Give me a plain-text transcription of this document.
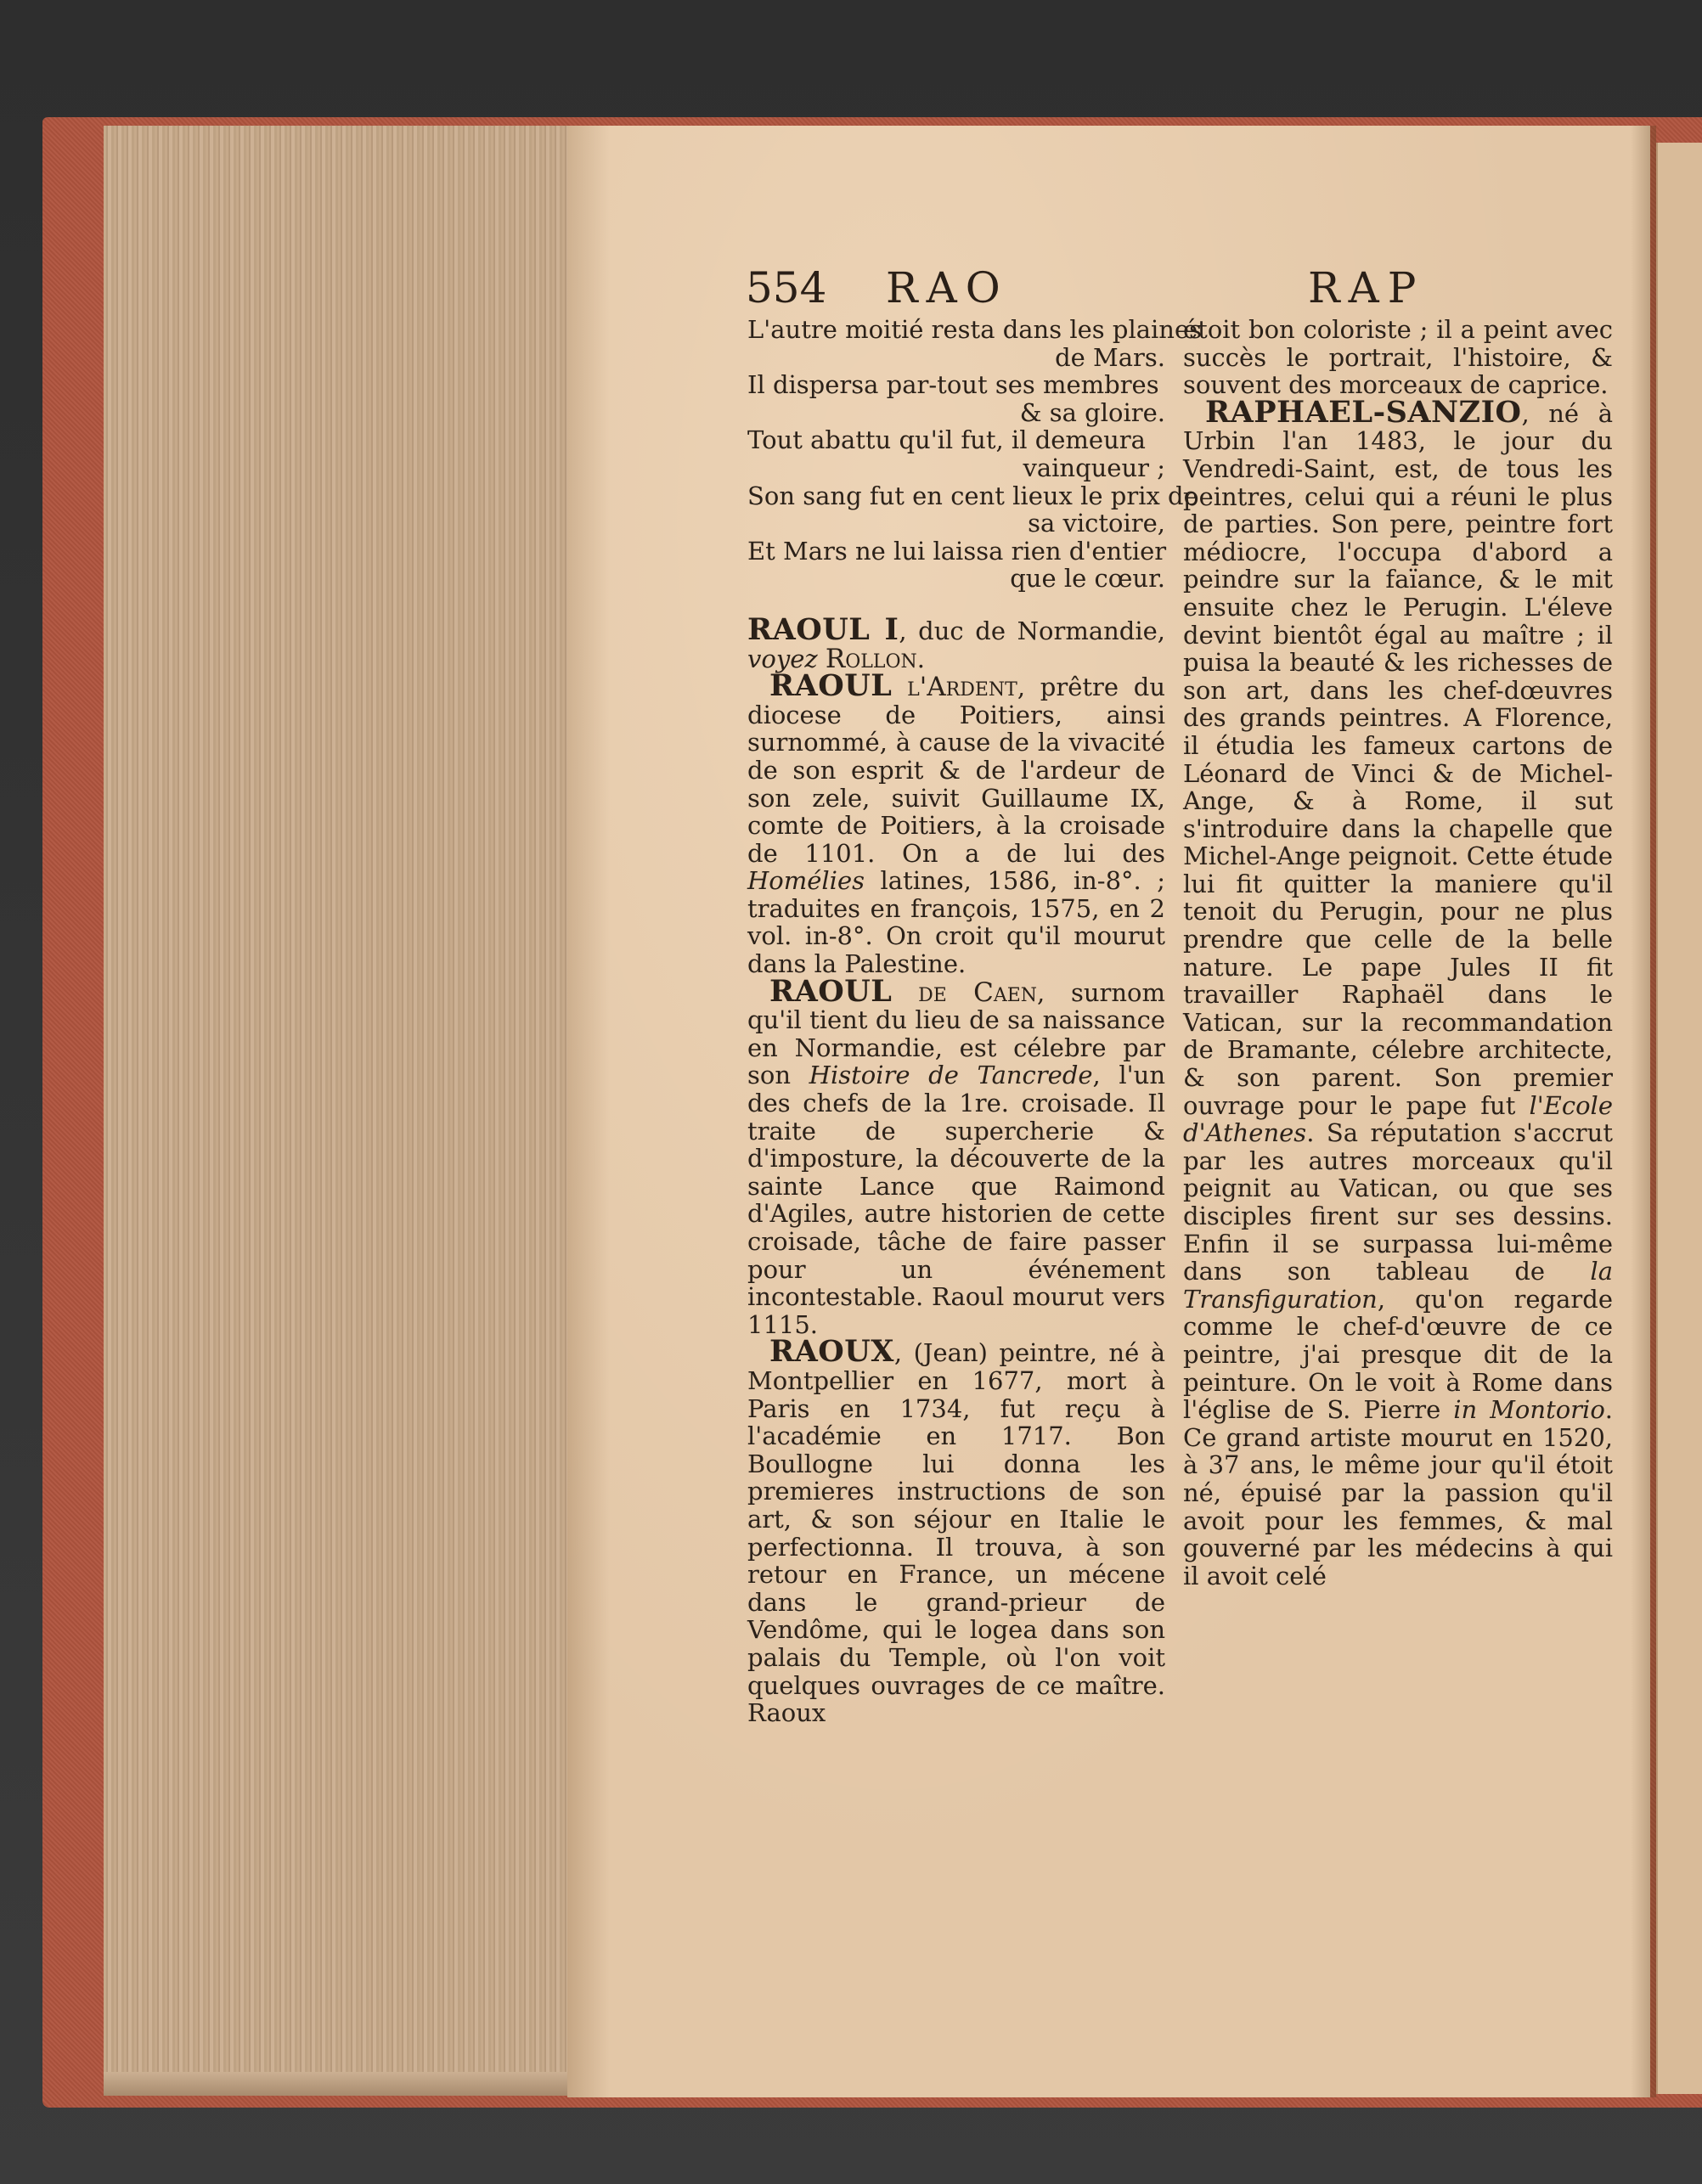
554 RAO	RAP
L'autre moitié resta dans les plaines
de Mars.
Il dispersa par-tout ses membres
& sa gloire.
Tout abattu qu'il fut, il demeura
vainqueur ;
Son sang fut en cent lieux le prix de
sa victoire,
Et Mars ne lui laissa rien d'entier
que le cœur.

RAOUL I, duc de Normandie, voyez Rollon.

RAOUL l'Ardent, prêtre du diocese de Poitiers, ainsi surnommé, à cause de la vivacité de son esprit & de l'ardeur de son zele, suivit Guillaume IX, comte de Poitiers, à la croisade de 1101. On a de lui des Homélies latines, 1586, in-8°. ; traduites en françois, 1575, en 2 vol. in-8°. On croit qu'il mourut dans la Palestine.

RAOUL de Caen, surnom qu'il tient du lieu de sa naissance en Normandie, est célebre par son Histoire de Tancrede, l'un des chefs de la 1re. croisade. Il traite de supercherie & d'imposture, la découverte de la sainte Lance que Raimond d'Agiles, autre historien de cette croisade, tâche de faire passer pour un événement incontestable. Raoul mourut vers 1115.

RAOUX, (Jean) peintre, né à Montpellier en 1677, mort à Paris en 1734, fut reçu à l'académie en 1717. Bon Boullogne lui donna les premieres instructions de son art, & son séjour en Italie le perfectionna. Il trouva, à son retour en France, un mécene dans le grand-prieur de Vendôme, qui le logea dans son palais du Temple, où l'on voit quelques ouvrages de ce maître. Raoux

étoit bon coloriste ; il a peint avec succès le portrait, l'histoire, & souvent des morceaux de caprice.

RAPHAEL-SANZIO, né à Urbin l'an 1483, le jour du Vendredi-Saint, est, de tous les peintres, celui qui a réuni le plus de parties. Son pere, peintre fort médiocre, l'occupa d'abord a peindre sur la faïance, & le mit ensuite chez le Perugin. L'éleve devint bientôt égal au maître ; il puisa la beauté & les richesses de son art, dans les chef-dœuvres des grands peintres. A Florence, il étudia les fameux cartons de Léonard de Vinci & de Michel-Ange, & à Rome, il sut s'introduire dans la chapelle que Michel-Ange peignoit. Cette étude lui fit quitter la maniere qu'il tenoit du Perugin, pour ne plus prendre que celle de la belle nature. Le pape Jules II fit travailler Raphaël dans le Vatican, sur la recommandation de Bramante, célebre architecte, & son parent. Son premier ouvrage pour le pape fut l'Ecole d'Athenes. Sa réputation s'accrut par les autres morceaux qu'il peignit au Vatican, ou que ses disciples firent sur ses dessins. Enfin il se surpassa lui-même dans son tableau de la Transfiguration, qu'on regarde comme le chef-d'œuvre de ce peintre, j'ai presque dit de la peinture. On le voit à Rome dans l'église de S. Pierre in Montorio. Ce grand artiste mourut en 1520, à 37 ans, le même jour qu'il étoit né, épuisé par la passion qu'il avoit pour les femmes, & mal gouverné par les médecins à qui il avoit celé
